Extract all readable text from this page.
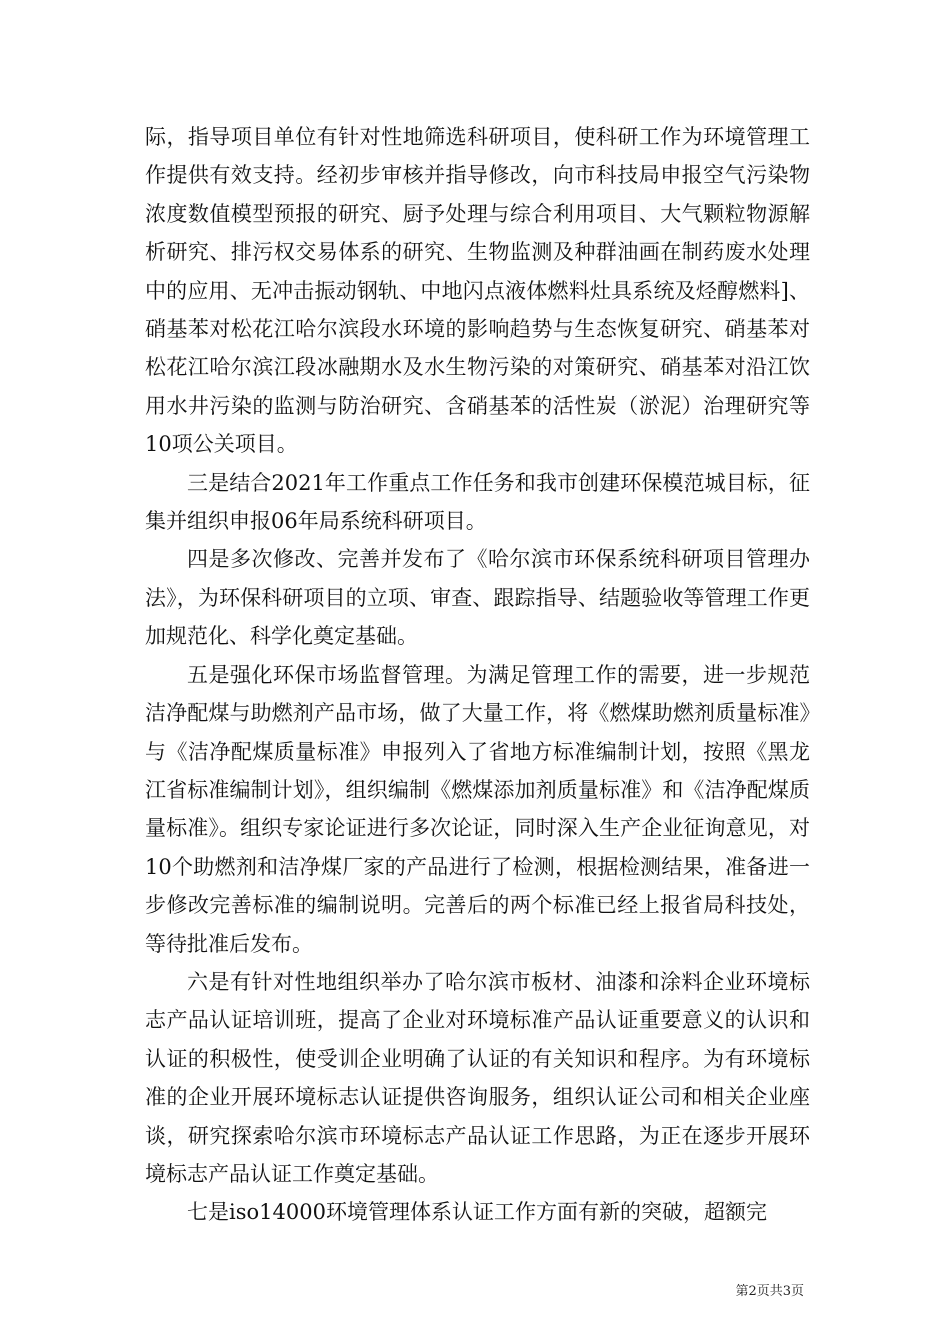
际，指导项目单位有针对性地筛选科研项目，使科研工作为环境管理工作提供有效支持。经初步审核并指导修改，向市科技局申报空气污染物浓度数值模型预报的研究、厨予处理与综合利用项目、大气颗粒物源解析研究、排污权交易体系的研究、生物监测及种群油画在制药废水处理中的应用、无冲击振动钢轨、中地闪点液体燃料灶具系统及烃醇燃料]、硝基苯对松花江哈尔滨段水环境的影响趋势与生态恢复研究、硝基苯对松花江哈尔滨江段冰融期水及水生物污染的对策研究、硝基苯对沿江饮用水井污染的监测与防治研究、含硝基苯的活性炭（淤泥）治理研究等10项公关项目。

三是结合2021年工作重点工作任务和我市创建环保模范城目标，征集并组织申报06年局系统科研项目。

四是多次修改、完善并发布了《哈尔滨市环保系统科研项目管理办法》，为环保科研项目的立项、审查、跟踪指导、结题验收等管理工作更加规范化、科学化奠定基础。

五是强化环保市场监督管理。为满足管理工作的需要，进一步规范洁净配煤与助燃剂产品市场，做了大量工作，将《燃煤助燃剂质量标准》与《洁净配煤质量标准》申报列入了省地方标准编制计划，按照《黑龙江省标准编制计划》，组织编制《燃煤添加剂质量标准》和《洁净配煤质量标准》。组织专家论证进行多次论证，同时深入生产企业征询意见，对10个助燃剂和洁净煤厂家的产品进行了检测，根据检测结果，准备进一步修改完善标准的编制说明。完善后的两个标准已经上报省局科技处，等待批准后发布。

六是有针对性地组织举办了哈尔滨市板材、油漆和涂料企业环境标志产品认证培训班，提高了企业对环境标准产品认证重要意义的认识和认证的积极性，使受训企业明确了认证的有关知识和程序。为有环境标准的企业开展环境标志认证提供咨询服务，组织认证公司和相关企业座谈，研究探索哈尔滨市环境标志产品认证工作思路，为正在逐步开展环境标志产品认证工作奠定基础。

七是iso14000环境管理体系认证工作方面有新的突破，超额完

第2页共3页
